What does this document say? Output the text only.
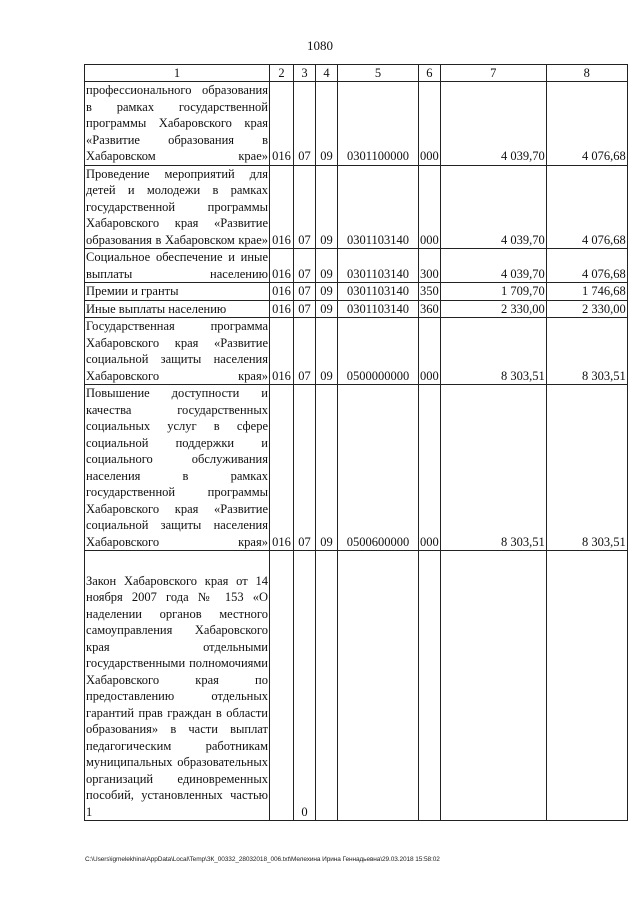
1080
1	2	3	4	5	6	7	8
профессионального образования в рамках государственной программы Хабаровского края «Развитие образования в Хабаровском крае»	016	07	09	0301100000	000	4 039,70	4 076,68
Проведение мероприятий для детей и молодежи в рамках государственной программы Хабаровского края «Развитие образования в Хабаровском крае»	016	07	09	0301103140	000	4 039,70	4 076,68
Социальное обеспечение и иные выплаты населению	016	07	09	0301103140	300	4 039,70	4 076,68
Премии и гранты	016	07	09	0301103140	350	1 709,70	1 746,68
Иные выплаты населению	016	07	09	0301103140	360	2 330,00	2 330,00
Государственная программа Хабаровского края «Развитие социальной защиты населения Хабаровского края»	016	07	09	0500000000	000	8 303,51	8 303,51
Повышение доступности и качества государственных социальных услуг в сфере социальной поддержки и социального обслуживания населения в рамках государственной программы Хабаровского края «Развитие социальной защиты населения Хабаровского края»	016	07	09	0500600000	000	8 303,51	8 303,51
Закон Хабаровского края от 14 ноября 2007 года № 153 «О наделении органов местного самоуправления Хабаровского края отдельными государственными полномочиями Хабаровского края по предоставлению отдельных гарантий прав граждан в области образования» в части выплат педагогическим работникам муниципальных образовательных организаций единовременных пособий, установленных частью 1		0					
C:\Users\igmelekhina\AppData\Local\Temp\ЗК_00332_28032018_006.txt\Мелехина Ирина Геннадьевна\29.03.2018 15:58:02
